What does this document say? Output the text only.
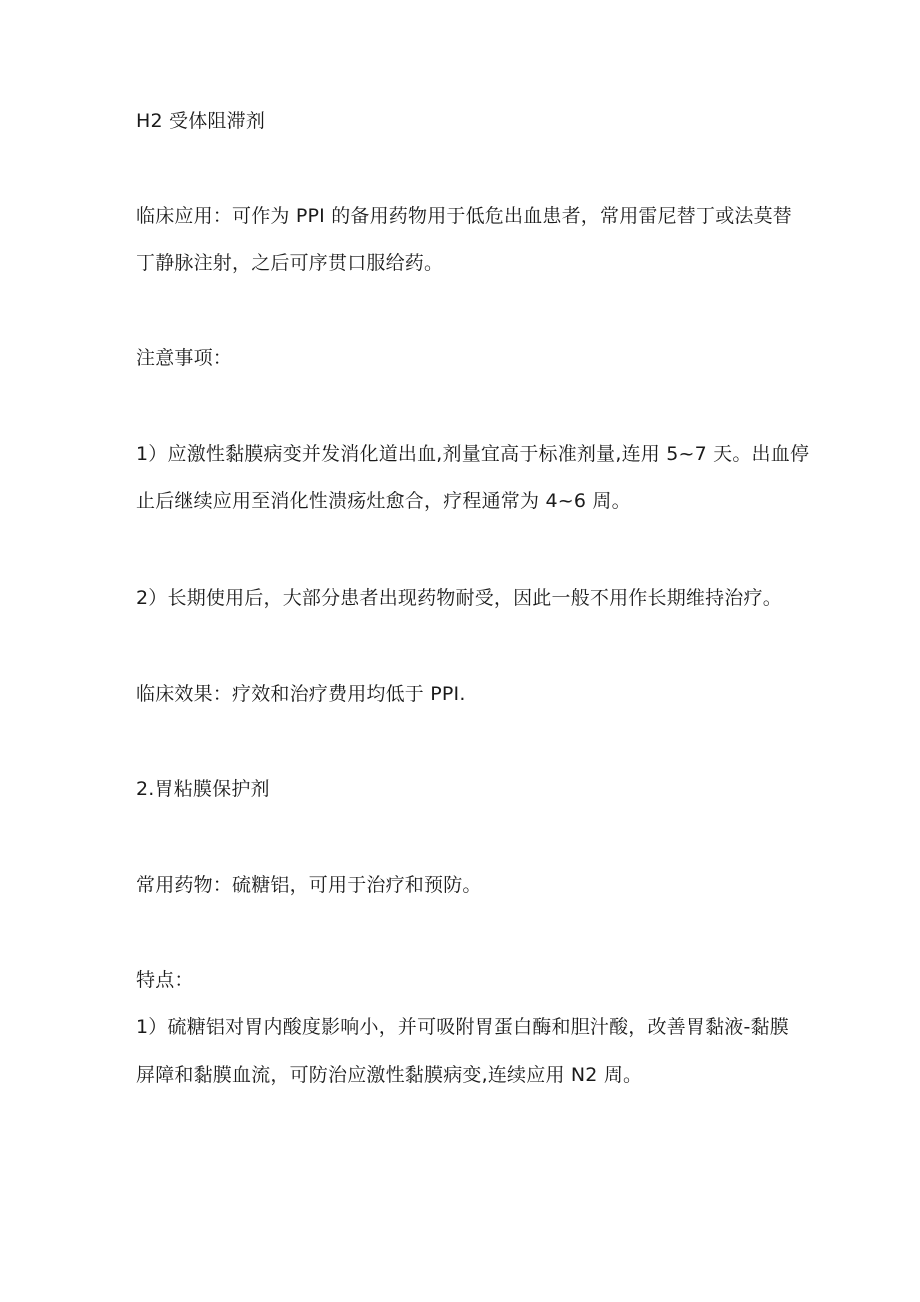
H2 受体阻滞剂

临床应用：可作为 PPI 的备用药物用于低危出血患者，常用雷尼替丁或法莫替

丁静脉注射，之后可序贯口服给药。

注意事项：

1）应激性黏膜病变并发消化道出血,剂量宜高于标准剂量,连用 5~7 天。出血停

止后继续应用至消化性溃疡灶愈合，疗程通常为 4~6 周。

2）长期使用后，大部分患者出现药物耐受，因此一般不用作长期维持治疗。

临床效果：疗效和治疗费用均低于 PPI.

2.胃粘膜保护剂

常用药物：硫糖铝，可用于治疗和预防。

特点：

1）硫糖铝对胃内酸度影响小，并可吸附胃蛋白酶和胆汁酸，改善胃黏液-黏膜

屏障和黏膜血流，可防治应激性黏膜病变,连续应用 N2 周。
